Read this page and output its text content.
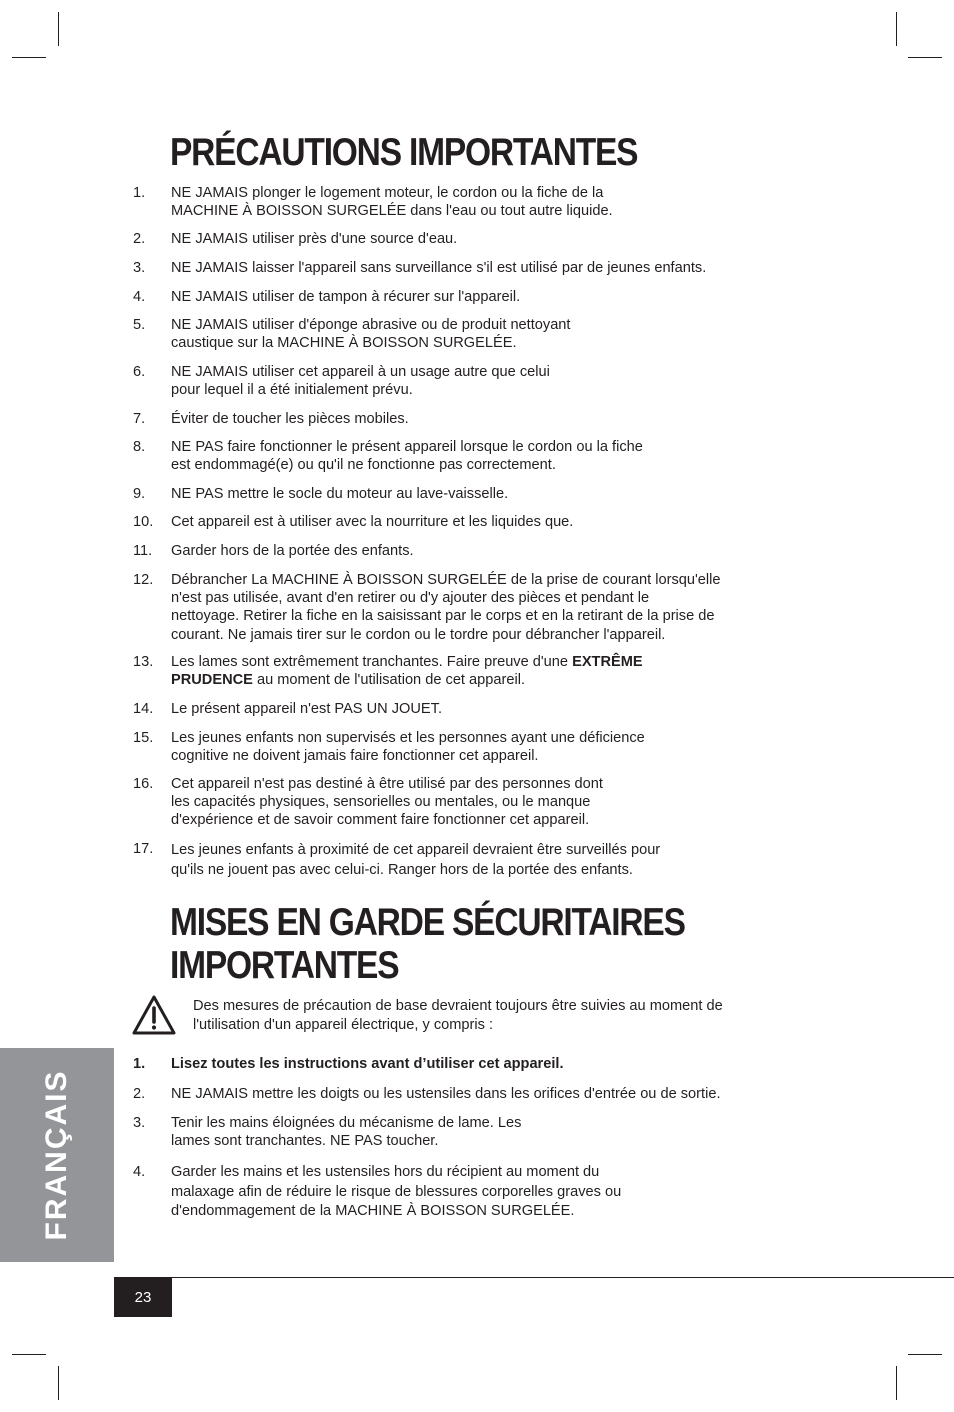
PRÉCAUTIONS IMPORTANTES
1. NE JAMAIS plonger le logement moteur, le cordon ou la fiche de la
MACHINE À BOISSON SURGELÉE dans l'eau ou tout autre liquide.
2. NE JAMAIS utiliser près d'une source d'eau.
3. NE JAMAIS laisser l'appareil sans surveillance s'il est utilisé par de jeunes enfants.
4. NE JAMAIS utiliser de tampon à récurer sur l'appareil.
5. NE JAMAIS utiliser d'éponge abrasive ou de produit nettoyant
caustique sur la MACHINE À BOISSON SURGELÉE.
6. NE JAMAIS utiliser cet appareil à un usage autre que celui
pour lequel il a été initialement prévu.
7. Éviter de toucher les pièces mobiles.
8. NE PAS faire fonctionner le présent appareil lorsque le cordon ou la fiche
est endommagé(e) ou qu'il ne fonctionne pas correctement.
9. NE PAS mettre le socle du moteur au lave-vaisselle.
10. Cet appareil est à utiliser avec la nourriture et les liquides que.
11. Garder hors de la portée des enfants.
12. Débrancher La MACHINE À BOISSON SURGELÉE de la prise de courant lorsqu'elle
n'est pas utilisée, avant d'en retirer ou d'y ajouter des pièces et pendant le
nettoyage. Retirer la fiche en la saisissant par le corps et en la retirant de la prise de
courant. Ne jamais tirer sur le cordon ou le tordre pour débrancher l'appareil.
13. Les lames sont extrêmement tranchantes. Faire preuve d'une EXTRÊME
PRUDENCE au moment de l'utilisation de cet appareil.
14. Le présent appareil n'est PAS UN JOUET.
15. Les jeunes enfants non supervisés et les personnes ayant une déficience
cognitive ne doivent jamais faire fonctionner cet appareil.
16. Cet appareil n'est pas destiné à être utilisé par des personnes dont
les capacités physiques, sensorielles ou mentales, ou le manque
d'expérience et de savoir comment faire fonctionner cet appareil.
17. Les jeunes enfants à proximité de cet appareil devraient être surveillés pour
qu'ils ne jouent pas avec celui-ci. Ranger hors de la portée des enfants.
MISES EN GARDE SÉCURITAIRES
IMPORTANTES
Des mesures de précaution de base devraient toujours être suivies au moment de
l'utilisation d'un appareil électrique, y compris :
1. Lisez toutes les instructions avant d’utiliser cet appareil.
2. NE JAMAIS mettre les doigts ou les ustensiles dans les orifices d'entrée ou de sortie.
3. Tenir les mains éloignées du mécanisme de lame. Les
lames sont tranchantes. NE PAS toucher.
4. Garder les mains et les ustensiles hors du récipient au moment du
malaxage afin de réduire le risque de blessures corporelles graves ou
d'endommagement de la MACHINE À BOISSON SURGELÉE.
FRANÇAIS
23
